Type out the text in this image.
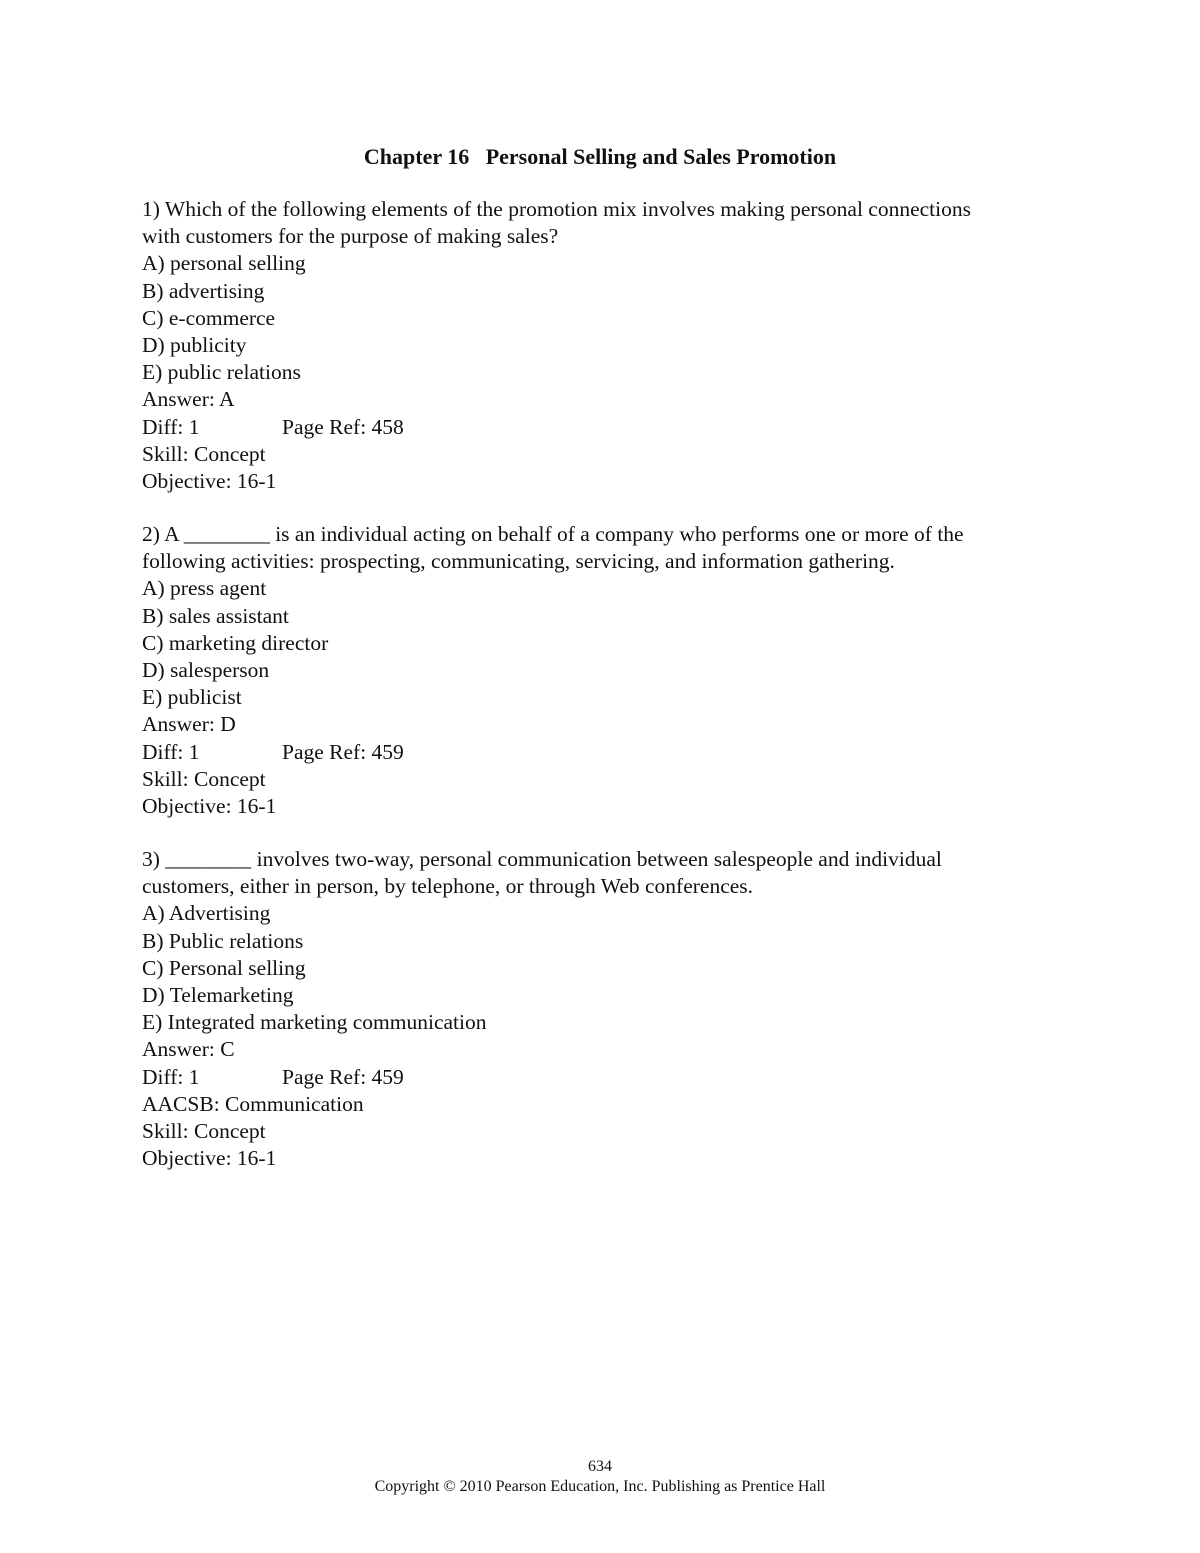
Chapter 16   Personal Selling and Sales Promotion
1) Which of the following elements of the promotion mix involves making personal connections
with customers for the purpose of making sales?
A) personal selling
B) advertising
C) e-commerce
D) publicity
E) public relations
Answer: A
Diff: 1	Page Ref: 458
Skill: Concept
Objective: 16-1
2) A ________ is an individual acting on behalf of a company who performs one or more of the
following activities: prospecting, communicating, servicing, and information gathering.
A) press agent
B) sales assistant
C) marketing director
D) salesperson
E) publicist
Answer: D
Diff: 1	Page Ref: 459
Skill: Concept
Objective: 16-1
3) ________ involves two-way, personal communication between salespeople and individual
customers, either in person, by telephone, or through Web conferences.
A) Advertising
B) Public relations
C) Personal selling
D) Telemarketing
E) Integrated marketing communication
Answer: C
Diff: 1	Page Ref: 459
AACSB: Communication
Skill: Concept
Objective: 16-1
634
Copyright © 2010 Pearson Education, Inc. Publishing as Prentice Hall
